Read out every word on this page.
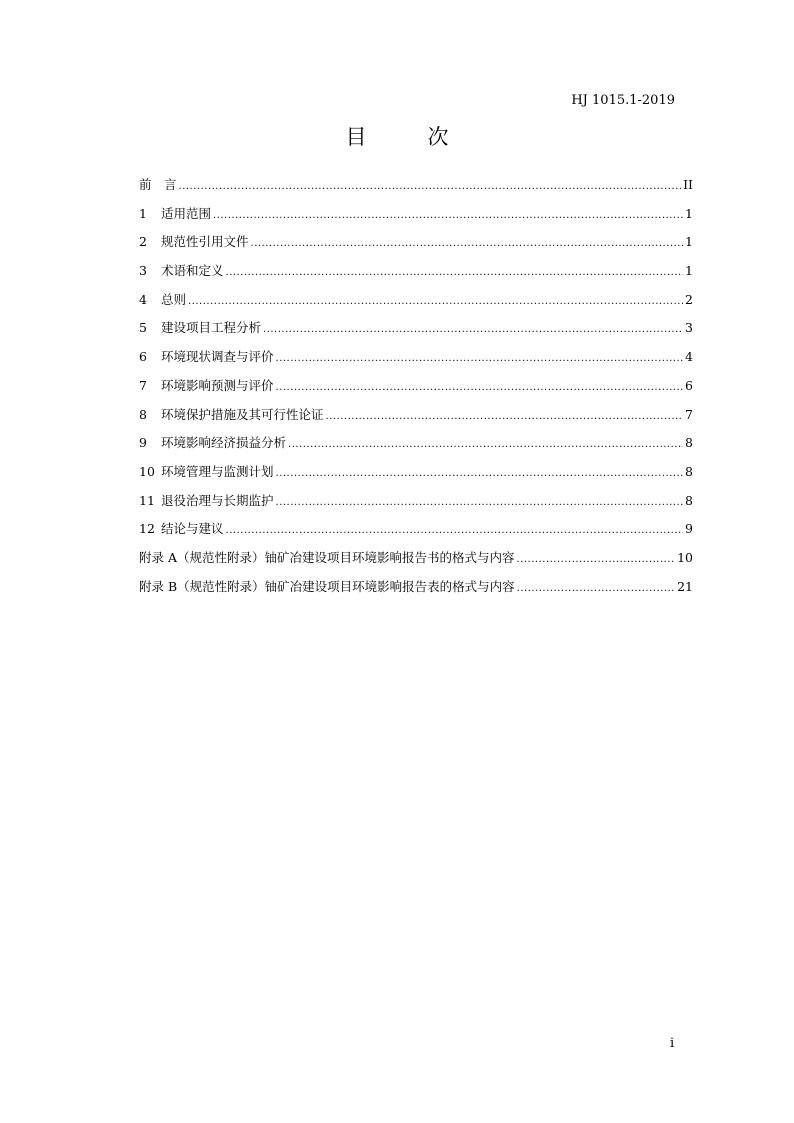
HJ 1015.1-2019
目　次
前　言 .....	II
1	适用范围 .....	1
2	规范性引用文件 .....	1
3	术语和定义 .....	1
4	总则 .....	2
5	建设项目工程分析 .....	3
6	环境现状调查与评价 .....	4
7	环境影响预测与评价 .....	6
8	环境保护措施及其可行性论证 .....	7
9	环境影响经济损益分析 .....	8
10 环境管理与监测计划 .....	8
11 退役治理与长期监护 .....	8
12 结论与建议 .....	9
附录 A（规范性附录）铀矿冶建设项目环境影响报告书的格式与内容 .....	10
附录 B（规范性附录）铀矿冶建设项目环境影响报告表的格式与内容 .....	21
i
